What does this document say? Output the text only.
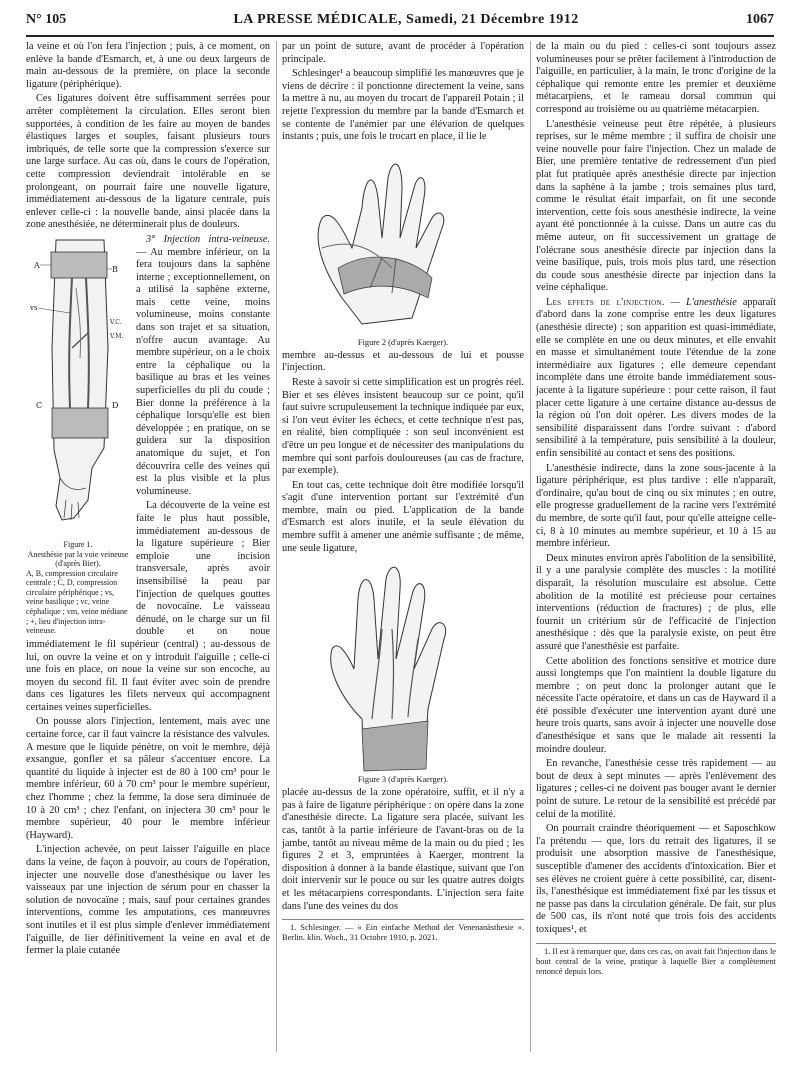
N° 105	LA PRESSE MÉDICALE, Samedi, 21 Décembre 1912	1067

la veine et où l'on fera l'injection ; puis, à ce moment, on enlève la bande d'Esmarch, et, à une ou deux largeurs de main au-dessous de la première, on place la seconde ligature (périphérique).

Ces ligatures doivent être suffisamment serrées pour arrêter complètement la circulation. Elles seront bien supportées, à condition de les faire au moyen de bandes élastiques larges et souples, faisant plusieurs tours imbriqués, de telle sorte que la compression s'exerce sur une large surface. Au cas où, dans le cours de l'opération, cette compression deviendrait intolérable en se prolongeant, on pourrait faire une nouvelle ligature, immédiatement au-dessous de la ligature centrale, puis enlever celle-ci : la nouvelle bande, ainsi placée dans la zone anesthésiée, ne déterminerait plus de douleurs.

A	B
vs
V.C.
V.M.
C	D
Figure 1.
Anesthésie par la voie veineuse (d'après Bier).
A, B, compression circulaire centrale ; C, D, compression circulaire périphérique ; vs, veine basilique ; vc, veine céphalique ; vm, veine médiane ; +, lieu d'injection intra-veineuse.

3° Injection intra-veineuse. — Au membre inférieur, on la fera toujours dans la saphène interne ; exceptionnellement, on a utilisé la saphène externe, mais cette veine, moins volumineuse, moins constante dans son trajet et sa situation, n'offre aucun avantage. Au membre supérieur, on a le choix entre la céphalique ou la basilique au bras et les veines superficielles du pli du coude ; Bier donne la préférence à la céphalique lorsqu'elle est bien développée ; en pratique, on se guidera sur la disposition anatomique du sujet, et l'on découvrira celle des veines qui est la plus visible et la plus volumineuse.

La découverte de la veine est faite le plus haut possible, immédiatement au-dessous de la ligature supérieure ; Bier emploie une incision transversale, après avoir insensibilisé la peau par l'injection de quelques gouttes de novocaïne. Le vaisseau dénudé, on le charge sur un fil double et on noue immédiatement le fil supérieur (central) ; au-dessous de lui, on ouvre la veine et on y introduit l'aiguille ; celle-ci une fois en place, on noue la veine sur son encoche, au moyen du second fil. Il faut éviter avec soin de prendre dans ces ligatures les filets nerveux qui accompagnent certaines veines superficielles.

On pousse alors l'injection, lentement, mais avec une certaine force, car il faut vaincre la résistance des valvules. A mesure que le liquide pénètre, on voit le membre, déjà exsangue, gonfler et sa pâleur s'accentuer encore. La quantité du liquide à injecter est de 80 à 100 cm³ pour le membre inférieur, 60 à 70 cm³ pour le membre supérieur, chez l'homme ; chez la femme, la dose sera diminuée de 10 à 20 cm³ ; chez l'enfant, on injectera 30 cm³ pour le membre supérieur, 40 pour le membre inférieur (Hayward).

L'injection achevée, on peut laisser l'aiguille en place dans la veine, de façon à pouvoir, au cours de l'opération, injecter une nouvelle dose d'anesthésique ou laver les vaisseaux par une injection de sérum pour en chasser la solution de novocaïne ; mais, sauf pour certaines grandes interventions, comme les amputations, ces manœuvres sont inutiles et il est plus simple d'enlever immédiatement l'aiguille, de lier définitivement la veine en aval et de fermer la plaie cutanée

par un point de suture, avant de procéder à l'opération principale.

Schlesinger¹ a beaucoup simplifié les manœuvres que je viens de décrire : il ponctionne directement la veine, sans la mettre à nu, au moyen du trocart de l'appareil Potain ; il rejette l'expression du membre par la bande d'Esmarch et se contente de l'anémier par une élévation de quelques instants ; puis, une fois le trocart en place, il lie le

Figure 2 (d'après Kaerger).

membre au-dessus et au-dessous de lui et pousse l'injection.

Reste à savoir si cette simplification est un progrès réel. Bier et ses élèves insistent beaucoup sur ce point, qu'il faut suivre scrupuleusement la technique indiquée par eux, si l'on veut éviter les échecs, et cette technique n'est pas, en réalité, bien compliquée : son seul inconvénient est d'être un peu longue et de nécessiter des manipulations du membre qui sont parfois douloureuses (au cas de fracture, par exemple).

En tout cas, cette technique doit être modifiée lorsqu'il s'agit d'une intervention portant sur l'extrémité d'un membre, main ou pied. L'application de la bande d'Esmarch est alors inutile, et la seule élévation du membre suffit à amener une anémie suffisante ; de même, une seule ligature,

Figure 3 (d'après Kaerger).

placée au-dessus de la zone opératoire, suffit, et il n'y a pas à faire de ligature périphérique : on opère dans la zone d'anesthésie directe. La ligature sera placée, suivant les cas, tantôt à la partie inférieure de l'avant-bras ou de la jambe, tantôt au niveau même de la main ou du pied ; les figures 2 et 3, empruntées à Kaerger, montrent la disposition à donner à la bande élastique, suivant que l'on doit intervenir sur le pouce ou sur les quatre autres doigts et les métacarpiens correspondants. L'injection sera faite dans l'une des veines du dos

1. Schlesinger. — « Ein einfache Method der Venenanästhesie ». Berlin. klin. Woch., 31 Octobre 1910, p. 2021.

de la main ou du pied : celles-ci sont toujours assez volumineuses pour se prêter facilement à l'introduction de l'aiguille, en particulier, à la main, le tronc d'origine de la céphalique qui remonte entre les premier et deuxième métacarpiens, et le rameau dorsal commun qui correspond au troisième ou au quatrième métacarpien.

L'anesthésie veineuse peut être répétée, à plusieurs reprises, sur le même membre ; il suffira de choisir une veine nouvelle pour faire l'injection. Chez un malade de Bier, une première tentative de redressement d'un pied plat fut pratiquée après anesthésie directe par injection dans la saphène à la jambe ; trois semaines plus tard, comme le résultat était imparfait, on fit une seconde intervention, cette fois sous anesthésie indirecte, la veine ayant été ponctionnée à la cuisse. Dans un autre cas du même auteur, on fit successivement un grattage de l'olécrane sous anesthésie directe par injection dans la veine basilique, puis, trois mois plus tard, une résection du coude sous anesthésie directe par injection dans la veine céphalique.

Les effets de l'injection. — L'anesthésie apparaît d'abord dans la zone comprise entre les deux ligatures (anesthésie directe) ; son apparition est quasi-immédiate, elle se complète en une ou deux minutes, et elle envahit en masse et simultanément toute l'étendue de la zone intermédiaire aux ligatures ; elle demeure cependant incomplète dans une étroite bande immédiatement sous-jacente à la ligature supérieure : pour cette raison, il faut placer cette ligature à une certaine distance au-dessus de la région où l'on doit opérer. Les divers modes de la sensibilité disparaissent dans l'ordre suivant : d'abord sensibilité à la température, puis sensibilité à la douleur, enfin sensibilité au contact et sens des positions.

L'anesthésie indirecte, dans la zone sous-jacente à la ligature périphérique, est plus tardive : elle n'apparaît, d'ordinaire, qu'au bout de cinq ou six minutes ; en outre, elle progresse graduellement de la racine vers l'extrémité du membre, de sorte qu'il faut, pour qu'elle atteigne celle-ci, 8 à 10 minutes au membre supérieur, et 10 à 15 au membre inférieur.

Deux minutes environ après l'abolition de la sensibilité, il y a une paralysie complète des muscles : la motilité disparaît, la résolution musculaire est absolue. Cette abolition de la motilité est précieuse pour certaines interventions (réduction de fractures) ; de plus, elle fournit un critérium sûr de l'efficacité de l'injection anesthésique : dès que la paralysie existe, on peut être assuré que l'anesthésie est parfaite.

Cette abolition des fonctions sensitive et motrice dure aussi longtemps que l'on maintient la double ligature du membre ; on peut donc la prolonger autant que le nécessite l'acte opératoire, et dans un cas de Hayward il a été possible d'exécuter une intervention ayant duré une heure trois quarts, sans avoir à injecter une nouvelle dose d'anesthésique et sans que le malade ait ressenti la moindre douleur.

En revanche, l'anesthésie cesse très rapidement — au bout de deux à sept minutes — après l'enlèvement des ligatures ; celles-ci ne doivent pas bouger avant le dernier point de suture. Le retour de la sensibilité est précédé par celui de la motilité.

On pourrait craindre théoriquement — et Saposchkow l'a prétendu — que, lors du retrait des ligatures, il se produisit une absorption massive de l'anesthésique, susceptible d'amener des accidents d'intoxication. Bier et ses élèves ne croient guère à cette possibilité, car, disent-ils, l'anesthésique est immédiatement fixé par les tissus et ne passe pas dans la circulation générale. De fait, sur plus de 500 cas, ils n'ont noté que trois fois des accidents toxiques¹, et

1. Il est à remarquer que, dans ces cas, on avait fait l'injection dans le bout central de la veine, pratique à laquelle Bier a complètement renoncé depuis lors.
